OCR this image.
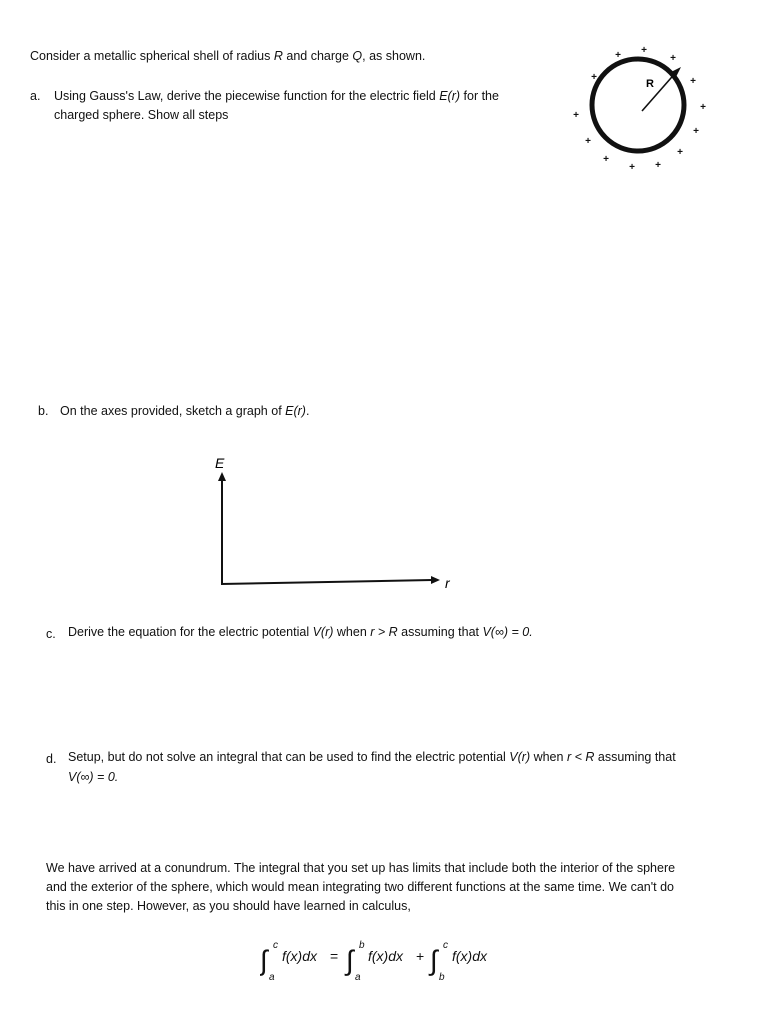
Consider a metallic spherical shell of radius R and charge Q, as shown.
a. Using Gauss's Law, derive the piecewise function for the electric field E(r) for the
charged sphere. Show all steps
R
+ +
+
+	+
+
+
+
+
+
+
+ +
b. On the axes provided, sketch a graph of E(r).
E
r
c. Derive the equation for the electric potential V(r) when r > R assuming that V(∞) = 0.
d. Setup, but do not solve an integral that can be used to find the electric potential V(r) when r < R assuming that
V(∞) = 0.
We have arrived at a conundrum. The integral that you set up has limits that include both the interior of the sphere
and the exterior of the sphere, which would mean integrating two different functions at the same time. We can't do
this in one step. However, as you should have learned in calculus,
∫ c
a
f(x)dx = ∫ b
a
f(x)dx + ∫ c
b
f(x)dx
